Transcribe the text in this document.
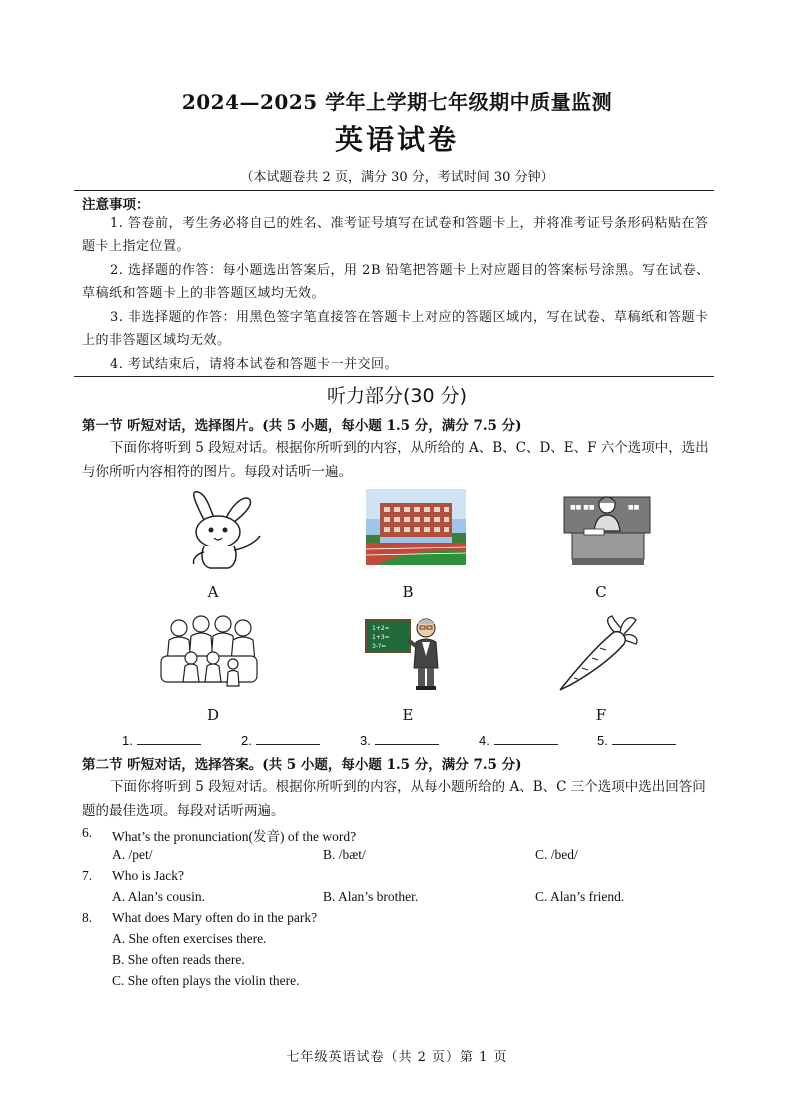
2024—2025 学年上学期七年级期中质量监测
英语试卷
（本试题卷共 2 页，满分 30 分，考试时间 30 分钟）
注意事项：
1. 答卷前，考生务必将自己的姓名、准考证号填写在试卷和答题卡上，并将准考证号条形码粘贴在答题卡上指定位置。
2. 选择题的作答：每小题选出答案后，用 2B 铅笔把答题卡上对应题目的答案标号涂黑。写在试卷、草稿纸和答题卡上的非答题区域均无效。
3. 非选择题的作答：用黑色签字笔直接答在答题卡上对应的答题区域内，写在试卷、草稿纸和答题卡上的非答题区域均无效。
4. 考试结束后，请将本试卷和答题卡一并交回。
听力部分(30 分)
第一节 听短对话，选择图片。(共 5 小题，每小题 1.5 分，满分 7.5 分)
下面你将听到 5 段短对话。根据你所听到的内容，从所给的 A、B、C、D、E、F 六个选项中，选出与你所听内容相符的图片。每段对话听一遍。
■■ ■■	■■
A	B	C
1+2=
1+3=
3-?=
D	E	F
1.	2.	3.	4.	5.
第二节 听短对话，选择答案。(共 5 小题，每小题 1.5 分，满分 7.5 分)
下面你将听到 5 段短对话。根据你所听到的内容，从每小题所给的 A、B、C 三个选项中选出回答问题的最佳选项。每段对话听两遍。
6. What’s the pronunciation(发音) of the word?
A. /pet/	B. /bæt/	C. /bed/
7. Who is Jack?
A. Alan’s cousin.	B. Alan’s brother.	C. Alan’s friend.
8. What does Mary often do in the park?
A. She often exercises there.
B. She often reads there.
C. She often plays the violin there.
七年级英语试卷（共 2 页）第 1 页
